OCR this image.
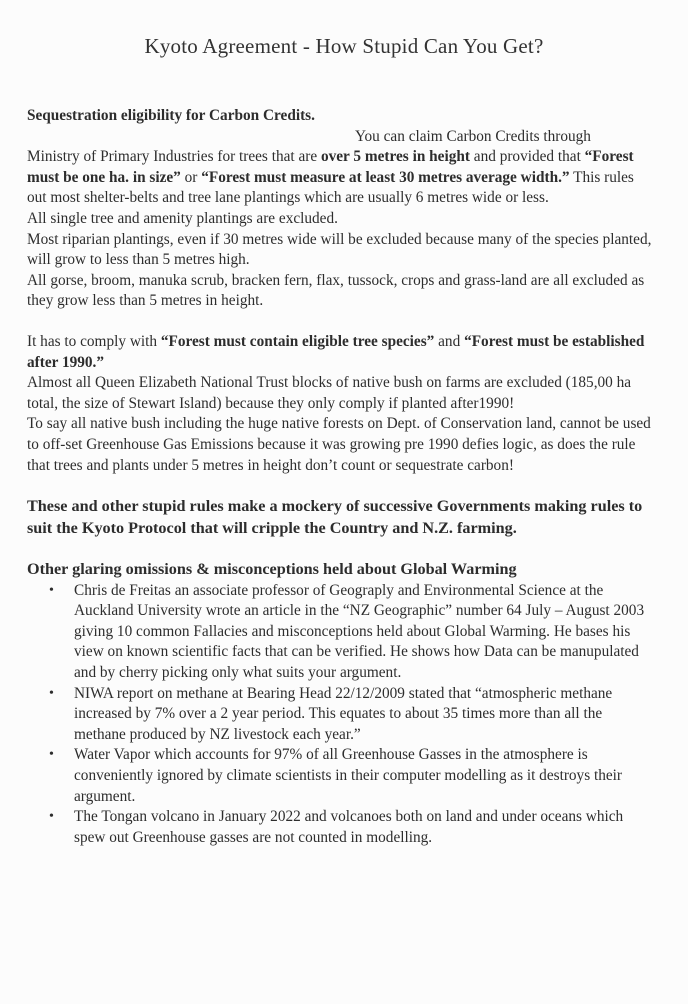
Kyoto Agreement - How Stupid Can You Get?

Sequestration eligibility for Carbon Credits.

You can claim Carbon Credits through

Ministry of Primary Industries for trees that are over 5 metres in height and provided that “Forest must be one ha. in size” or “Forest must measure at least 30 metres average width.” This rules out most shelter-belts and tree lane plantings which are usually 6 metres wide or less.

All single tree and amenity plantings are excluded.

Most riparian plantings, even if 30 metres wide will be excluded because many of the species planted, will grow to less than 5 metres high.

All gorse, broom, manuka scrub, bracken fern, flax, tussock, crops and grass-land are all excluded as they grow less than 5 metres in height.

It has to comply with “Forest must contain eligible tree species” and “Forest must be established after 1990.”

Almost all Queen Elizabeth National Trust blocks of native bush on farms are excluded (185,00 ha total, the size of Stewart Island) because they only comply if planted after1990!

To say all native bush including the huge native forests on Dept. of Conservation land, cannot be used to off-set Greenhouse Gas Emissions because it was growing pre 1990 defies logic, as does the rule that trees and plants under 5 metres in height don’t count or sequestrate carbon!

These and other stupid rules make a mockery of successive Governments making rules to suit the Kyoto Protocol that will cripple the Country and N.Z. farming.

Other glaring omissions & misconceptions held about Global Warming

• Chris de Freitas an associate professor of Geograply and Environmental Science at the Auckland University wrote an article in the “NZ Geographic” number 64 July – August 2003 giving 10 common Fallacies and misconceptions held about Global Warming. He bases his view on known scientific facts that can be verified. He shows how Data can be manupulated and by cherry picking only what suits your argument.
• NIWA report on methane at Bearing Head 22/12/2009 stated that “atmospheric methane increased by 7% over a 2 year period. This equates to about 35 times more than all the methane produced by NZ livestock each year.”
• Water Vapor which accounts for 97% of all Greenhouse Gasses in the atmosphere is conveniently ignored by climate scientists in their computer modelling as it destroys their argument.
• The Tongan volcano in January 2022 and volcanoes both on land and under oceans which spew out Greenhouse gasses are not counted in modelling.
